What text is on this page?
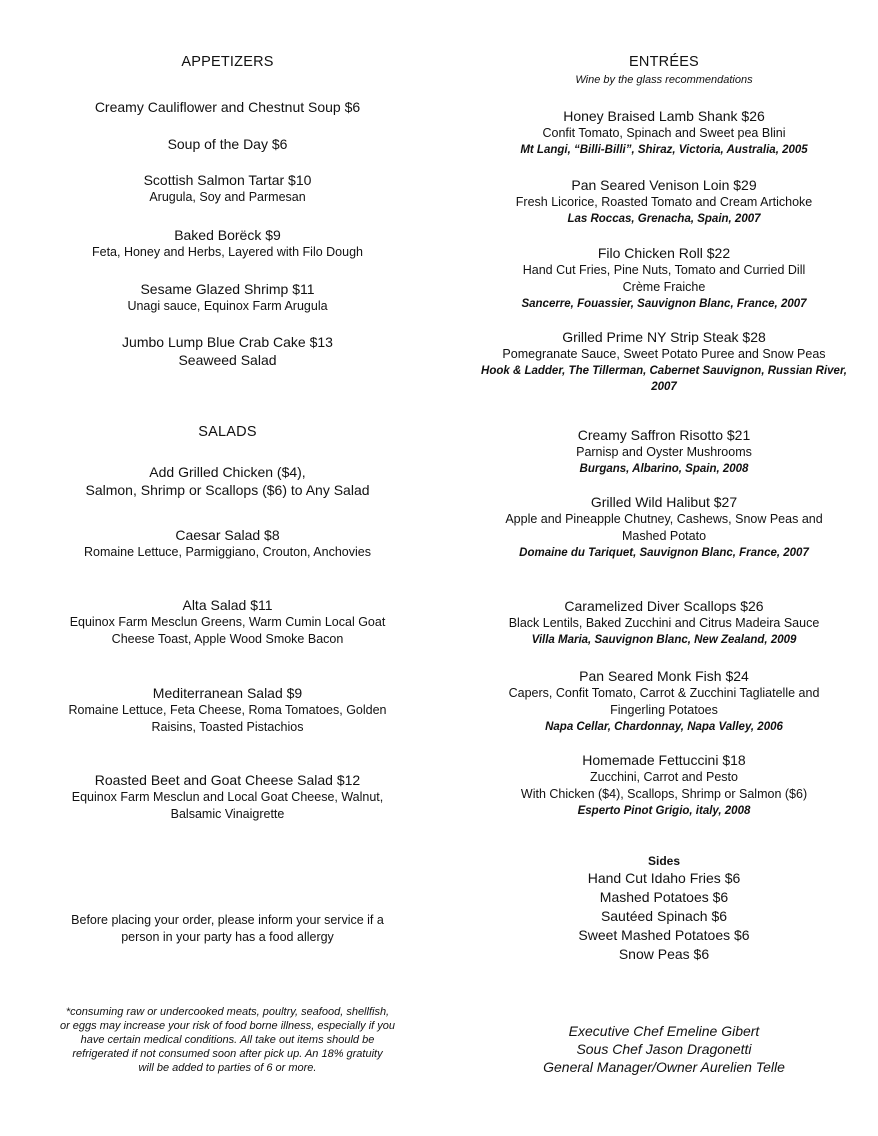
APPETIZERS
Creamy Cauliflower and Chestnut Soup $6
Soup of the Day $6
Scottish Salmon Tartar $10
Arugula, Soy and Parmesan
Baked Borëck $9
Feta, Honey and Herbs, Layered with Filo Dough
Sesame Glazed Shrimp $11
Unagi sauce, Equinox Farm Arugula
Jumbo Lump Blue Crab Cake $13
Seaweed Salad
SALADS
Add Grilled Chicken ($4),
Salmon, Shrimp or Scallops ($6) to Any Salad
Caesar Salad $8
Romaine Lettuce, Parmiggiano, Crouton, Anchovies
Alta Salad $11
Equinox Farm Mesclun Greens, Warm Cumin Local Goat
Cheese Toast, Apple Wood Smoke Bacon
Mediterranean Salad $9
Romaine Lettuce, Feta Cheese, Roma Tomatoes, Golden
Raisins, Toasted Pistachios
Roasted Beet and Goat Cheese Salad $12
Equinox Farm Mesclun and Local Goat Cheese, Walnut,
Balsamic Vinaigrette
Before placing your order, please inform your service if a
person in your party has a food allergy
*consuming raw or undercooked meats, poultry, seafood, shellfish,
or eggs may increase your risk of food borne illness, especially if you
have certain medical conditions. All take out items should be
refrigerated if not consumed soon after pick up. An 18% gratuity
will be added to parties of 6 or more.
ENTRÉES
Wine by the glass recommendations
Honey Braised Lamb Shank $26
Confit Tomato, Spinach and Sweet pea Blini
Mt Langi, “Billi-Billi”, Shiraz, Victoria, Australia, 2005
Pan Seared Venison Loin $29
Fresh Licorice, Roasted Tomato and Cream Artichoke
Las Roccas, Grenacha, Spain, 2007
Filo Chicken Roll $22
Hand Cut Fries, Pine Nuts, Tomato and Curried Dill
Crème Fraiche
Sancerre, Fouassier, Sauvignon Blanc, France, 2007
Grilled Prime NY Strip Steak $28
Pomegranate Sauce, Sweet Potato Puree and Snow Peas
Hook & Ladder, The Tillerman, Cabernet Sauvignon, Russian River,
2007
Creamy Saffron Risotto $21
Parnisp and Oyster Mushrooms
Burgans, Albarino, Spain, 2008
Grilled Wild Halibut $27
Apple and Pineapple Chutney, Cashews, Snow Peas and
Mashed Potato
Domaine du Tariquet, Sauvignon Blanc, France, 2007
Caramelized Diver Scallops $26
Black Lentils, Baked Zucchini and Citrus Madeira Sauce
Villa Maria, Sauvignon Blanc, New Zealand, 2009
Pan Seared Monk Fish $24
Capers, Confit Tomato, Carrot & Zucchini Tagliatelle and
Fingerling Potatoes
Napa Cellar, Chardonnay, Napa Valley, 2006
Homemade Fettuccini $18
Zucchini, Carrot and Pesto
With Chicken ($4), Scallops, Shrimp or Salmon ($6)
Esperto Pinot Grigio, italy, 2008
Sides
Hand Cut Idaho Fries $6
Mashed Potatoes $6
Sautéed Spinach $6
Sweet Mashed Potatoes $6
Snow Peas $6
Executive Chef Emeline Gibert
Sous Chef Jason Dragonetti
General Manager/Owner Aurelien Telle
